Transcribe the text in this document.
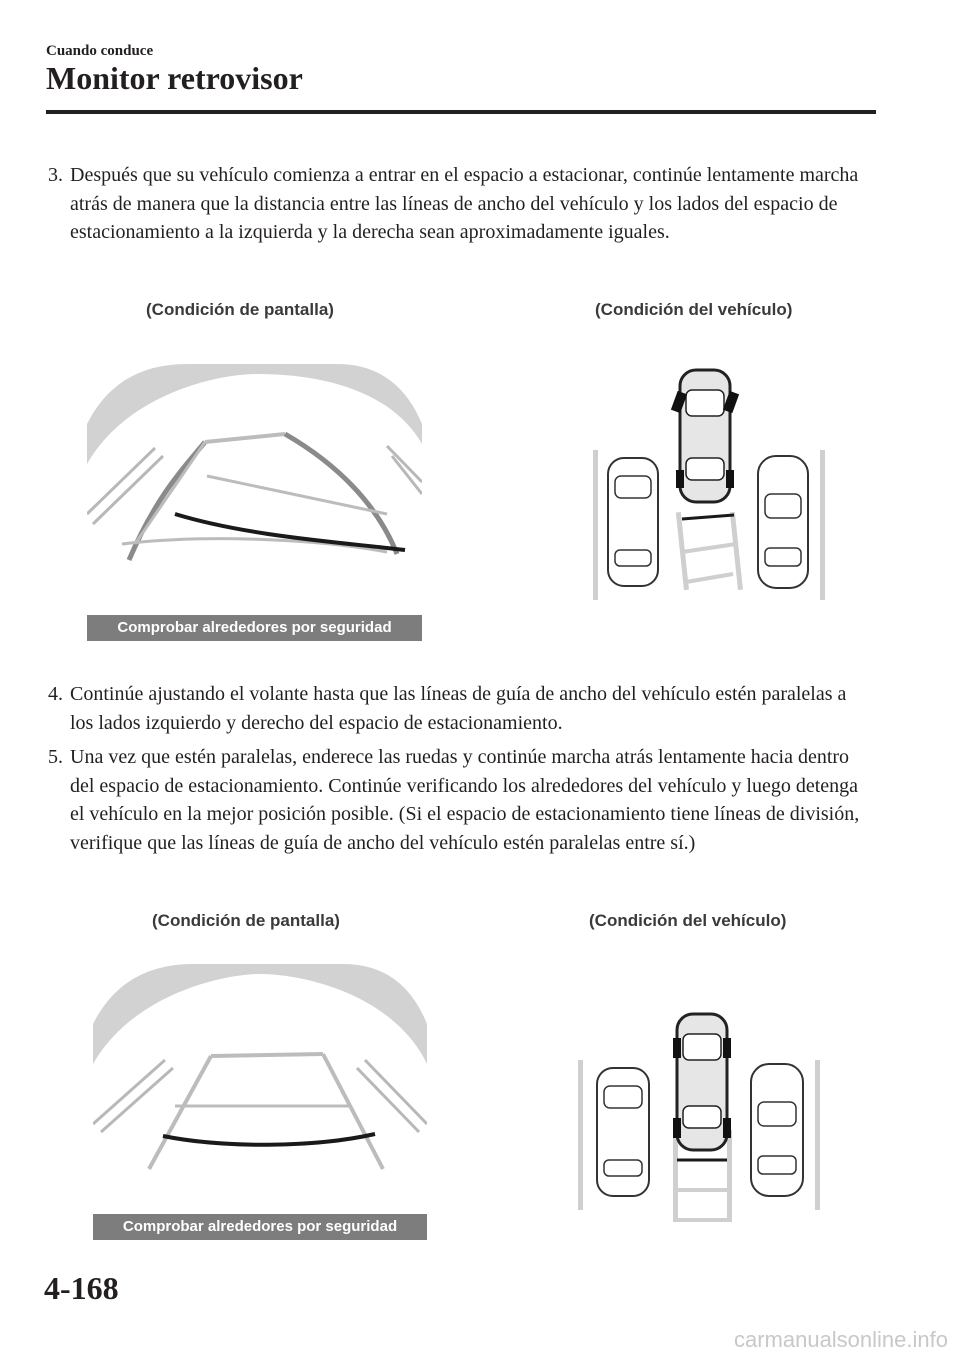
Cuando conduce
Monitor retrovisor
3. Después que su vehículo comienza a entrar en el espacio a estacionar, continúe lentamente marcha atrás de manera que la distancia entre las líneas de ancho del vehículo y los lados del espacio de estacionamiento a la izquierda y la derecha sean aproximadamente iguales.
(Condición de pantalla)	(Condición del vehículo)
Comprobar alrededores por seguridad
4. Continúe ajustando el volante hasta que las líneas de guía de ancho del vehículo estén paralelas a los lados izquierdo y derecho del espacio de estacionamiento.
5. Una vez que estén paralelas, enderece las ruedas y continúe marcha atrás lentamente hacia dentro del espacio de estacionamiento. Continúe verificando los alrededores del vehículo y luego detenga el vehículo en la mejor posición posible. (Si el espacio de estacionamiento tiene líneas de división, verifique que las líneas de guía de ancho del vehículo estén paralelas entre sí.)
(Condición de pantalla)	(Condición del vehículo)
Comprobar alrededores por seguridad
4-168
carmanualsonline.info
